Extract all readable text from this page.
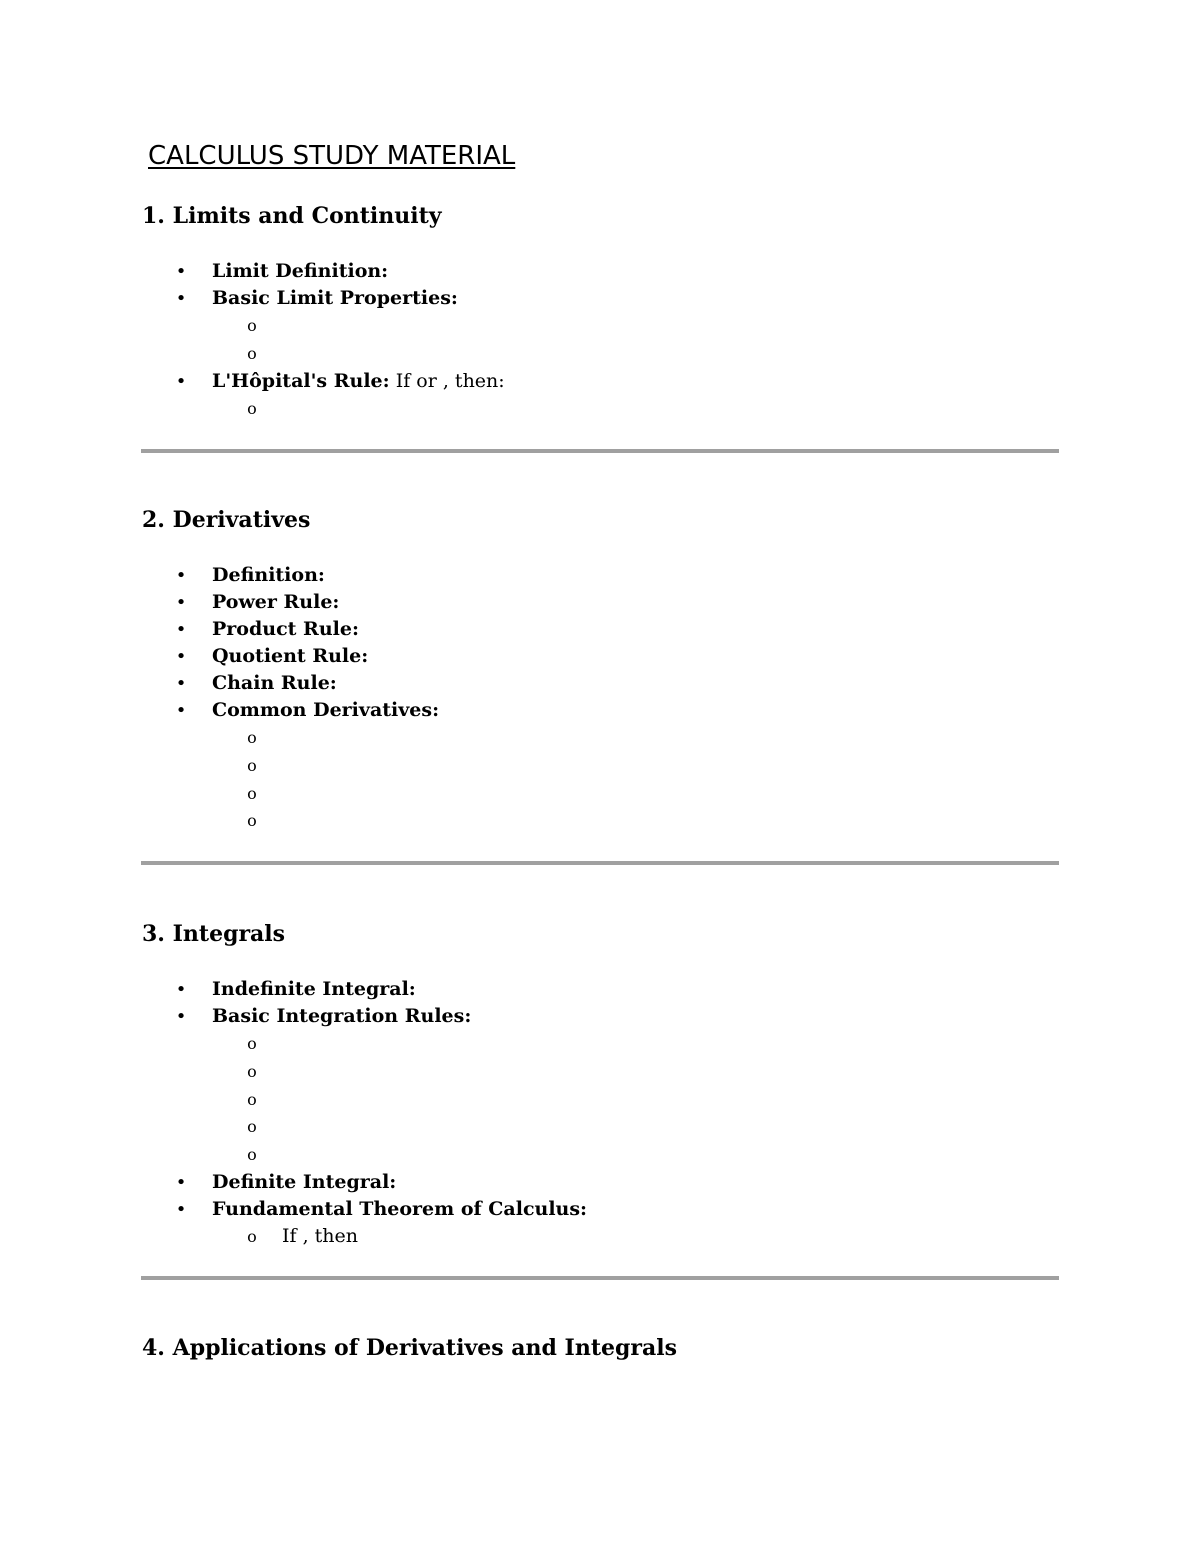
CALCULUS STUDY MATERIAL
1. Limits and Continuity
• Limit Definition:
• Basic Limit Properties:
o
o
• L'Hôpital's Rule: If or , then:
o
2. Derivatives
• Definition:
• Power Rule:
• Product Rule:
• Quotient Rule:
• Chain Rule:
• Common Derivatives:
o
o
o
o
3. Integrals
• Indefinite Integral:
• Basic Integration Rules:
o
o
o
o
o
• Definite Integral:
• Fundamental Theorem of Calculus:
o If , then
4. Applications of Derivatives and Integrals
